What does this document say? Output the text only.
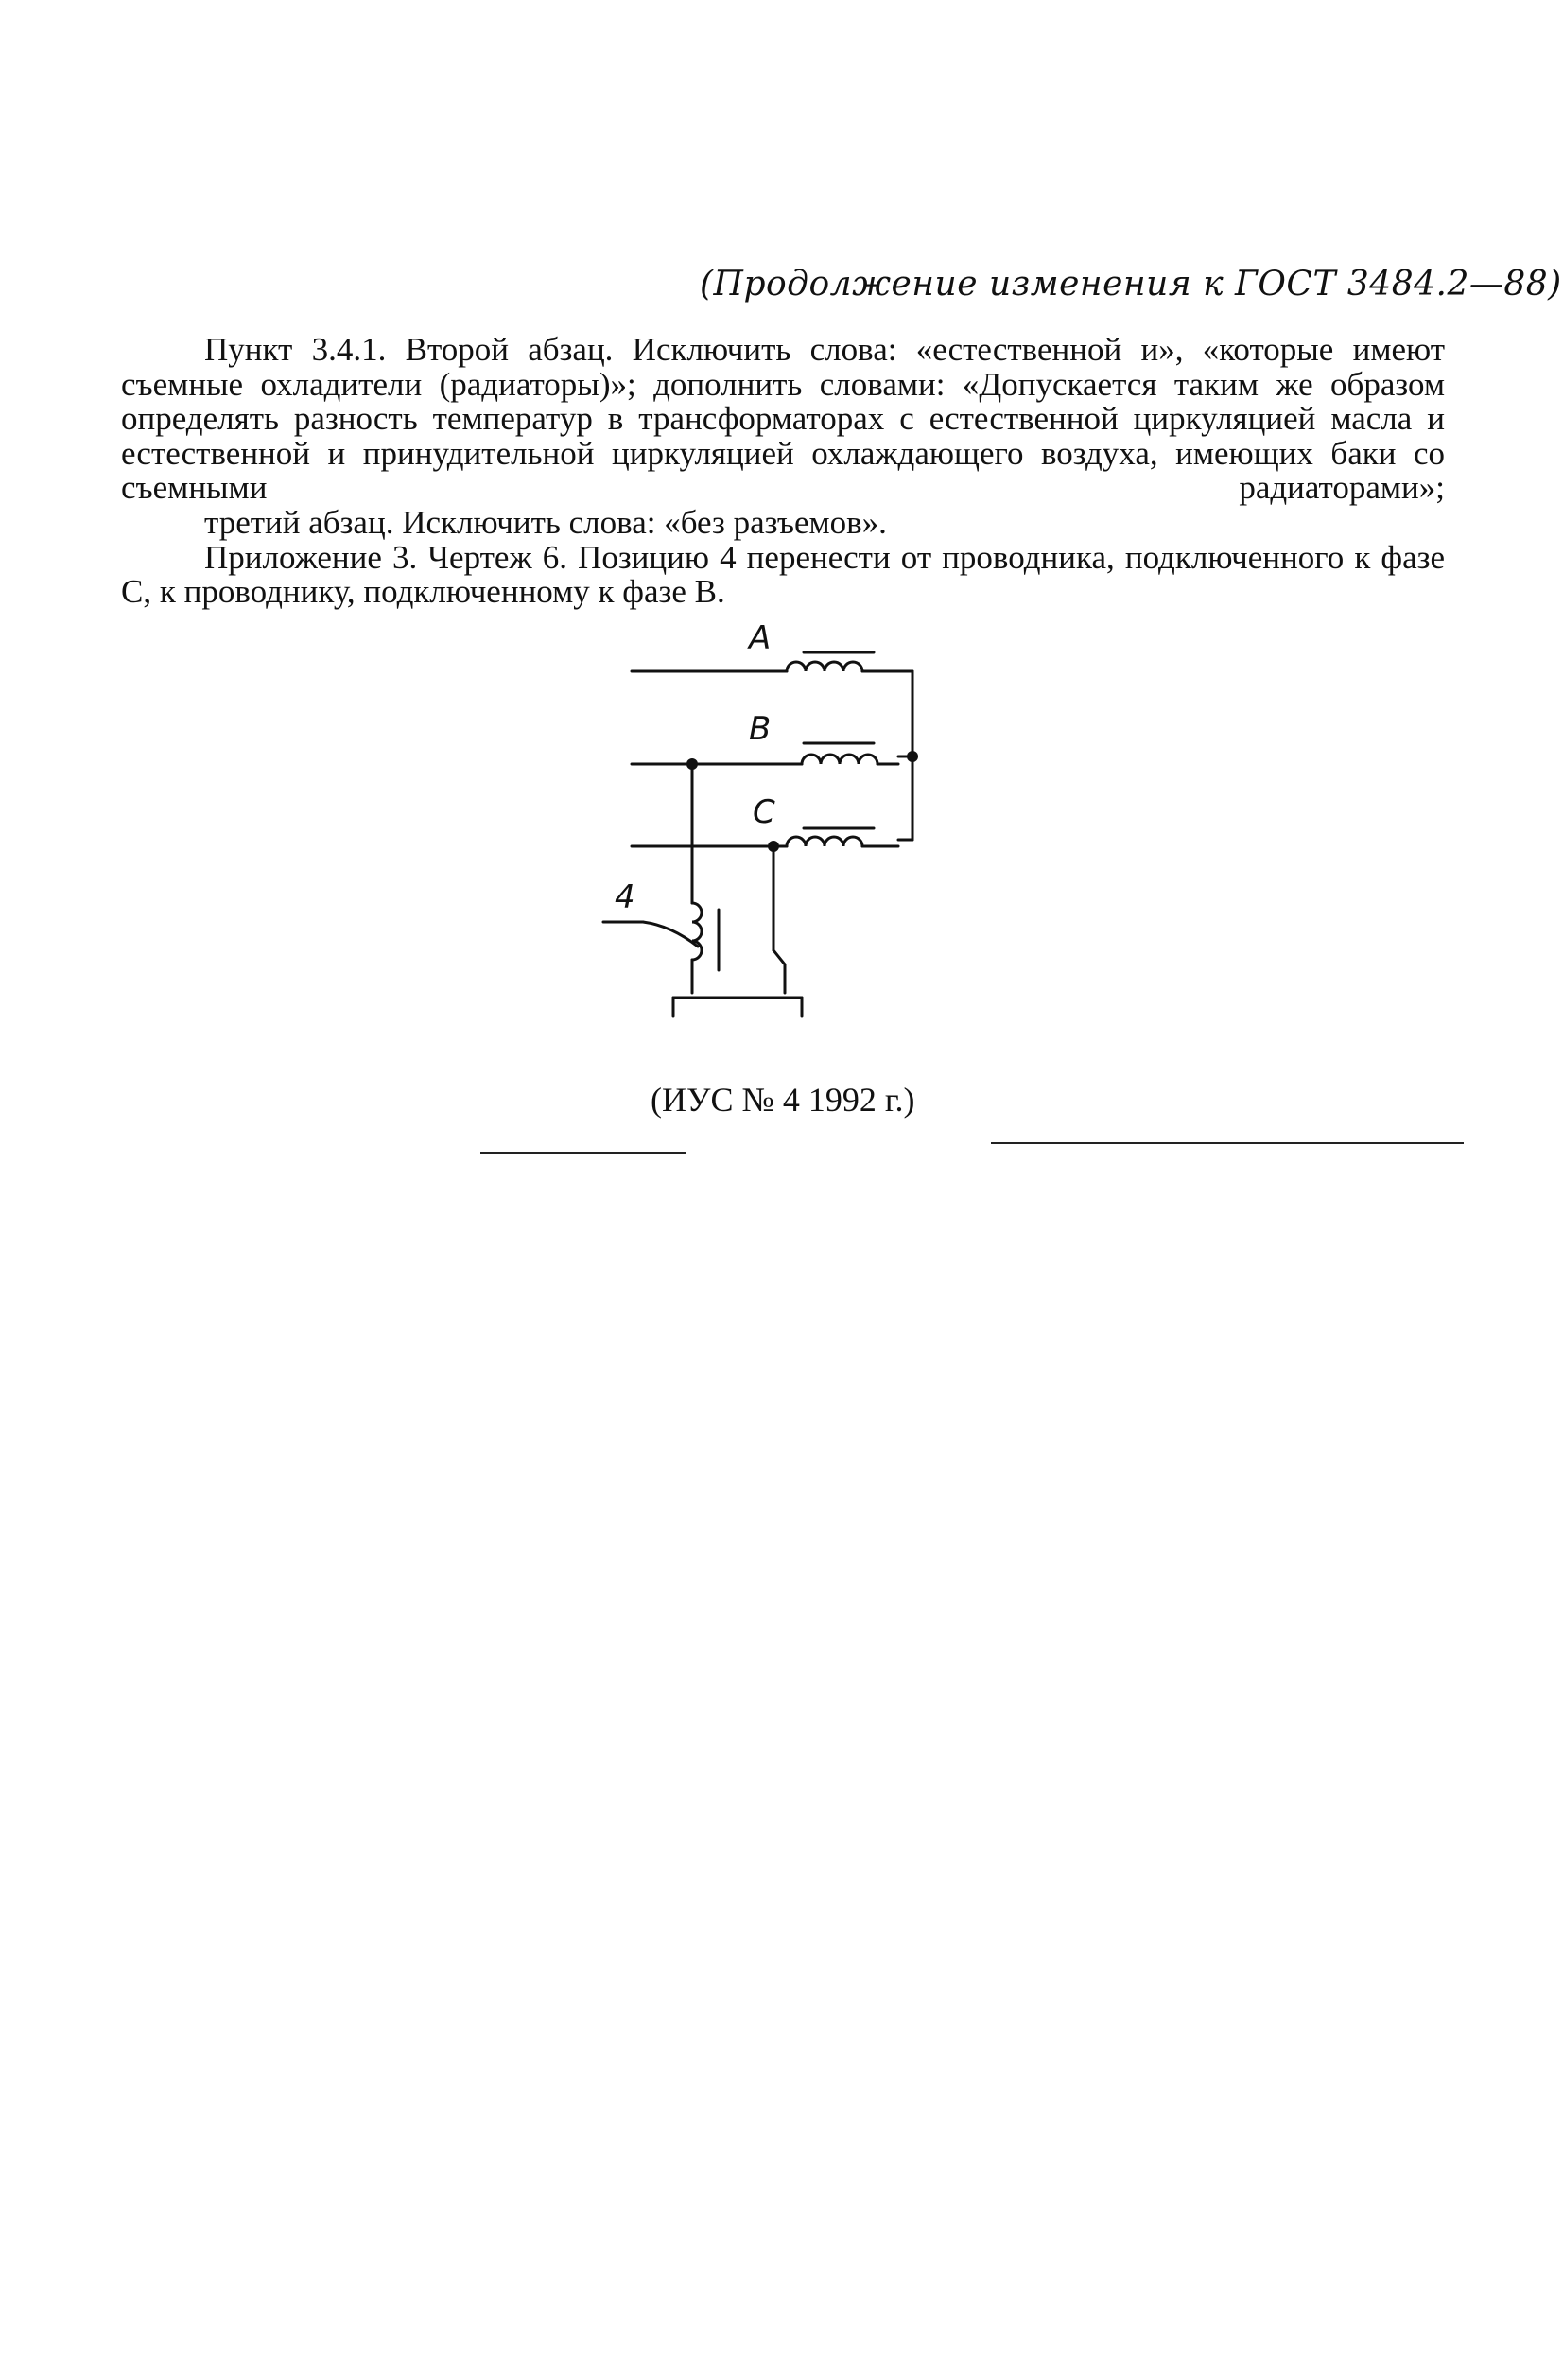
(Продолжение изменения к ГОСТ 3484.2—88)

Пункт 3.4.1. Второй абзац. Исключить слова: «естественной и», «которые имеют съемные охладители (радиаторы)»; дополнить словами: «Допускается таким же образом определять разность температур в трансформаторах с естественной циркуляцией масла и естественной и принудительной циркуляцией охлаждающего воздуха, имеющих баки со съемными радиаторами»;

третий абзац. Исключить слова: «без разъемов».

Приложение 3. Чертеж 6. Позицию 4 перенести от проводника, подключенного к фазе C, к проводнику, подключенному к фазе B.

A
B
C
4
(ИУС № 4 1992 г.)
